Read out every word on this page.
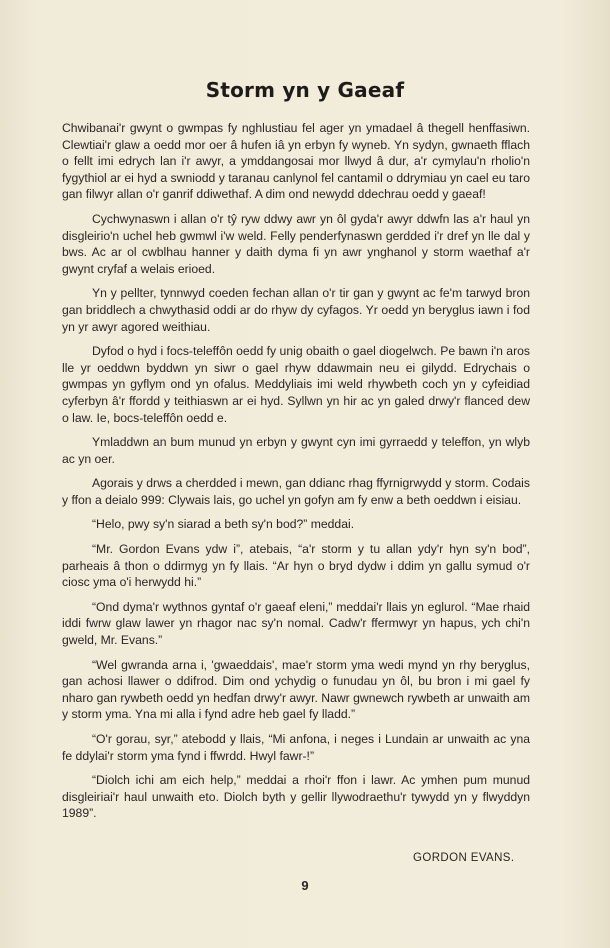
Storm yn y Gaeaf

Chwibanai'r gwynt o gwmpas fy nghlustiau fel ager yn ymadael â thegell henffasiwn. Clewtiai'r glaw a oedd mor oer â hufen iâ yn erbyn fy wyneb. Yn sydyn, gwnaeth fflach o fellt imi edrych lan i'r awyr, a ymddangosai mor llwyd â dur, a'r cymylau'n rholio'n fygythiol ar ei hyd a swniodd y taranau canlynol fel cantamil o ddrymiau yn cael eu taro gan filwyr allan o'r ganrif ddiwethaf. A dim ond newydd ddechrau oedd y gaeaf!

Cychwynaswn i allan o'r tŷ ryw ddwy awr yn ôl gyda'r awyr ddwfn las a'r haul yn disgleirio'n uchel heb gwmwl i'w weld. Felly penderfynaswn gerdded i'r dref yn lle dal y bws. Ac ar ol cwblhau hanner y daith dyma fi yn awr ynghanol y storm waethaf a'r gwynt cryfaf a welais erioed.

Yn y pellter, tynnwyd coeden fechan allan o'r tir gan y gwynt ac fe'm tarwyd bron gan briddlech a chwythasid oddi ar do rhyw dy cyfagos. Yr oedd yn beryglus iawn i fod yn yr awyr agored weithiau.

Dyfod o hyd i focs-teleffôn oedd fy unig obaith o gael diogelwch. Pe bawn i'n aros lle yr oeddwn byddwn yn siwr o gael rhyw ddawmain neu ei gilydd. Edrychais o gwmpas yn gyflym ond yn ofalus. Meddyliais imi weld rhywbeth coch yn y cyfeidiad cyferbyn â'r ffordd y teithiaswn ar ei hyd. Syllwn yn hir ac yn galed drwy'r flanced dew o law. Ie, bocs-teleffôn oedd e.

Ymladdwn an bum munud yn erbyn y gwynt cyn imi gyrraedd y teleffon, yn wlyb ac yn oer.

Agorais y drws a cherdded i mewn, gan ddianc rhag ffyrnigrwydd y storm. Codais y ffon a deialo 999: Clywais lais, go uchel yn gofyn am fy enw a beth oeddwn i eisiau.

“Helo, pwy sy'n siarad a beth sy'n bod?” meddai.

“Mr. Gordon Evans ydw i”, atebais, “a'r storm y tu allan ydy'r hyn sy'n bod”, parheais â thon o ddirmyg yn fy llais. “Ar hyn o bryd dydw i ddim yn gallu symud o'r ciosc yma o'i herwydd hi.”

“Ond dyma'r wythnos gyntaf o'r gaeaf eleni,” meddai'r llais yn eglurol. “Mae rhaid iddi fwrw glaw lawer yn rhagor nac sy'n nomal. Cadw'r ffermwyr yn hapus, ych chi'n gweld, Mr. Evans.”

“Wel gwranda arna i, 'gwaeddais', mae'r storm yma wedi mynd yn rhy beryglus, gan achosi llawer o ddifrod. Dim ond ychydig o funudau yn ôl, bu bron i mi gael fy nharo gan rywbeth oedd yn hedfan drwy'r awyr. Nawr gwnewch rywbeth ar unwaith am y storm yma. Yna mi alla i fynd adre heb gael fy lladd.”

“O'r gorau, syr,” atebodd y llais, “Mi anfona, i neges i Lundain ar unwaith ac yna fe ddylai'r storm yma fynd i ffwrdd. Hwyl fawr-!”

“Diolch ichi am eich help,” meddai a rhoi'r ffon i lawr. Ac ymhen pum munud disgleiriai'r haul unwaith eto. Diolch byth y gellir llywodraethu'r tywydd yn y flwyddyn 1989”.

GORDON EVANS.
9
